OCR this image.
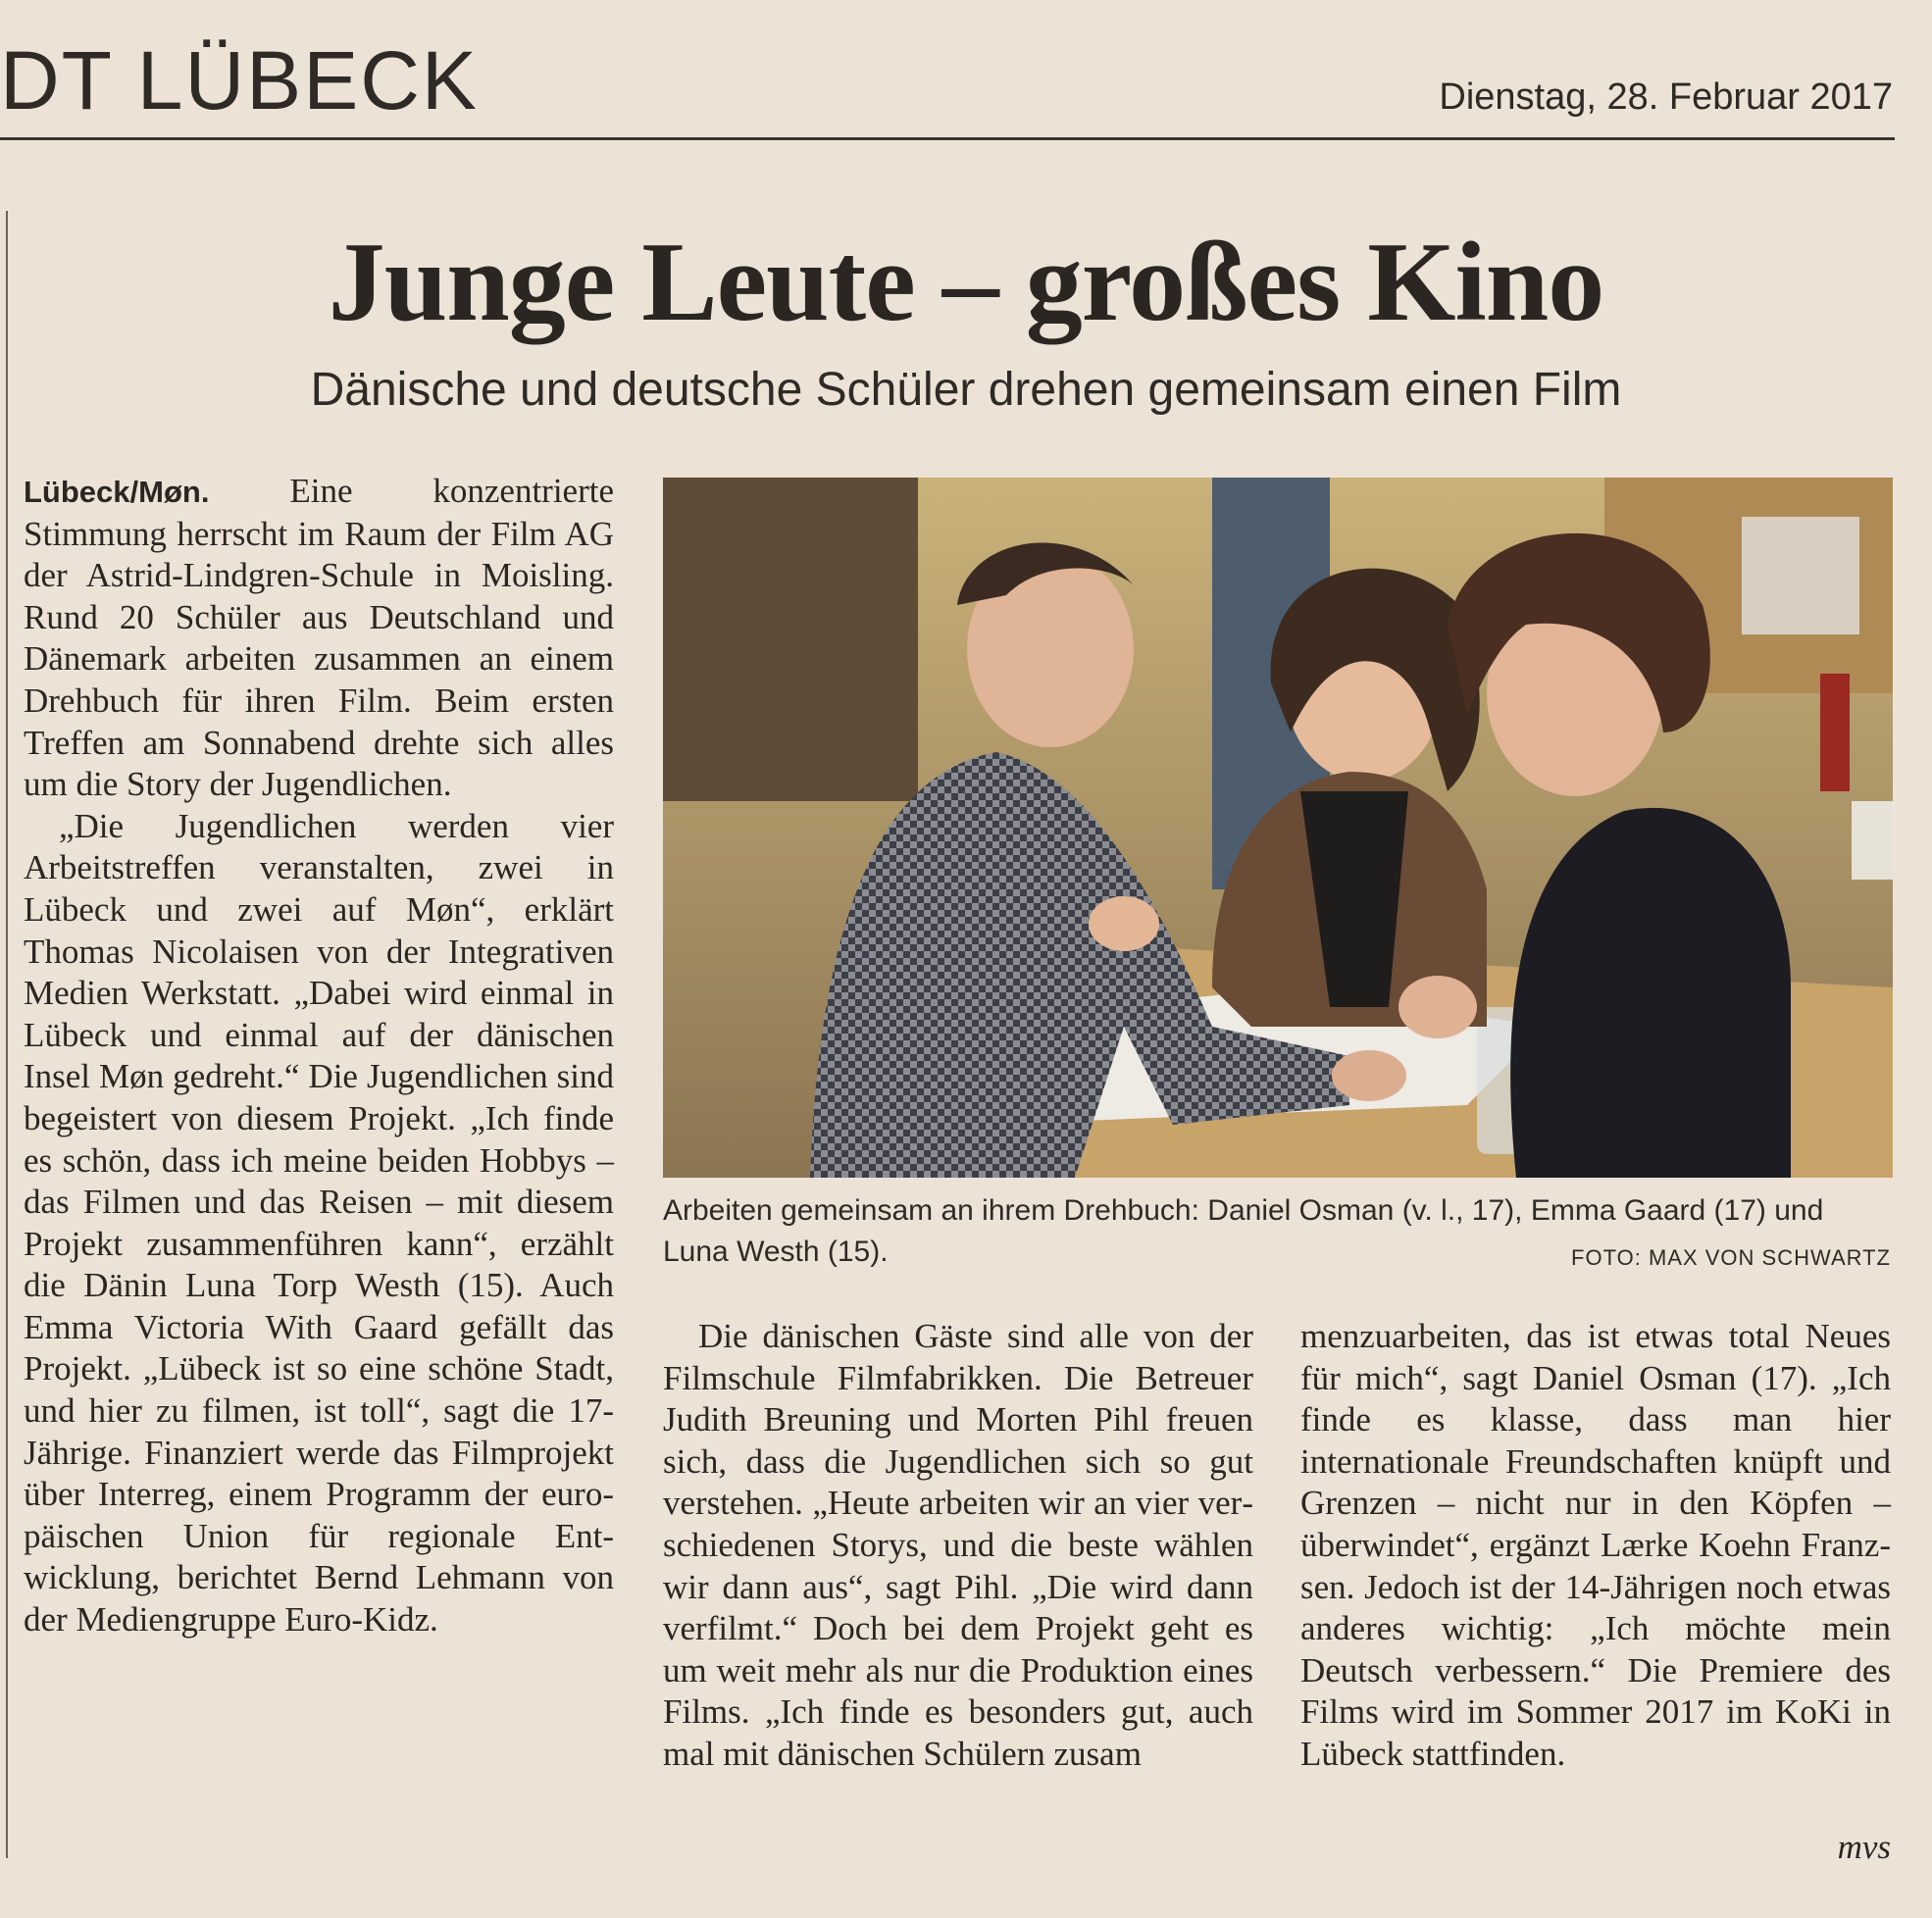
DT LÜBECK	Dienstag, 28. Februar 2017
Junge Leute – großes Kino
Dänische und deutsche Schüler drehen gemeinsam einen Film

Lübeck/Møn. Eine konzentrierte Stimmung herrscht im Raum der Film AG der Astrid-Lindgren-Schule in Moisling. Rund 20 Schüler aus Deutschland und Dänemark arbeiten zusammen an einem Drehbuch für ihren Film. Beim ersten Treffen am Sonnabend drehte sich alles um die Story der Jugendlichen.

„Die Jugendlichen werden vier Arbeitstreffen veranstalten, zwei in Lübeck und zwei auf Møn“, erklärt Thomas Nicolaisen von der Integrativen Medien Werkstatt. „Dabei wird einmal in Lübeck und einmal auf der dänischen Insel Møn gedreht.“ Die Jugendlichen sind begeistert von diesem Projekt. „Ich finde es schön, dass ich meine beiden Hobbys – das Filmen und das Reisen – mit diesem Projekt zusammenführen kann“, erzählt die Dänin Luna Torp Westh (15). Auch Emma Victoria With Gaard gefällt das Projekt. „Lübeck ist so eine schöne Stadt, und hier zu filmen, ist toll“, sagt die 17-Jährige. Finanziert werde das Filmprojekt über Interreg, einem Programm der europäischen Union für regionale Entwicklung, berichtet Bernd Lehmann von der Mediengruppe Euro-Kidz.

Arbeiten gemeinsam an ihrem Drehbuch: Daniel Osman (v. l., 17), Emma Gaard (17) und Luna Westh (15).	FOTO: MAX VON SCHWARTZ

Die dänischen Gäste sind alle von der Filmschule Filmfabrikken. Die Betreuer Judith Breuning und Morten Pihl freuen sich, dass die Jugendlichen sich so gut verstehen. „Heute arbeiten wir an vier verschiedenen Storys, und die beste wählen wir dann aus“, sagt Pihl. „Die wird dann verfilmt.“ Doch bei dem Projekt geht es um weit mehr als nur die Produktion eines Films. „Ich finde es besonders gut, auch mal mit dänischen Schülern zusam

menzuarbeiten, das ist etwas total Neues für mich“, sagt Daniel Osman (17). „Ich finde es klasse, dass man hier internationale Freundschaften knüpft und Grenzen – nicht nur in den Köpfen – überwindet“, ergänzt Lærke Koehn Franzsen. Jedoch ist der 14-Jährigen noch etwas anderes wichtig: „Ich möchte mein Deutsch verbessern.“ Die Premiere des Films wird im Sommer 2017 im KoKi in Lübeck stattfinden.

mvs
